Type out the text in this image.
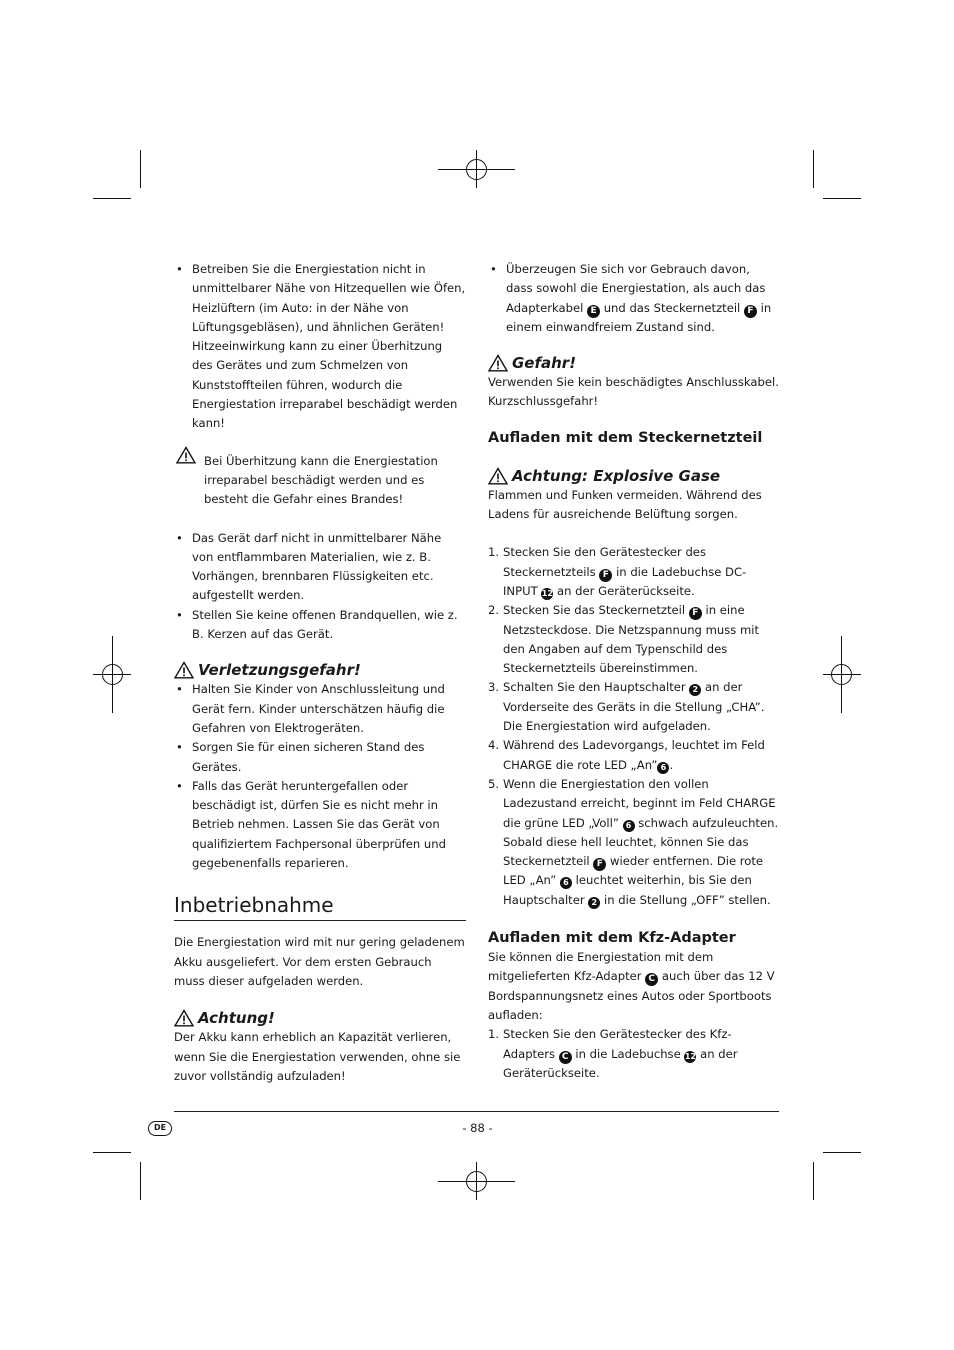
• Betreiben Sie die Energiestation nicht in unmittelbarer Nähe von Hitzequellen wie Öfen, Heizlüftern (im Auto: in der Nähe von Lüftungsgebläsen), und ähnlichen Geräten! Hitzeeinwirkung kann zu einer Überhitzung des Gerätes und zum Schmelzen von Kunststoffteilen führen, wodurch die Energiestation irreparabel beschädigt werden kann!

Bei Überhitzung kann die Energiestation irreparabel beschädigt werden und es besteht die Gefahr eines Brandes!

• Das Gerät darf nicht in unmittelbarer Nähe von entflammbaren Materialien, wie z. B. Vorhängen, brennbaren Flüssigkeiten etc. aufgestellt werden.
• Stellen Sie keine offenen Brandquellen, wie z. B. Kerzen auf das Gerät.
Verletzungsgefahr!
• Halten Sie Kinder von Anschlussleitung und Gerät fern. Kinder unterschätzen häufig die Gefahren von Elektrogeräten.
• Sorgen Sie für einen sicheren Stand des Gerätes.
• Falls das Gerät heruntergefallen oder beschädigt ist, dürfen Sie es nicht mehr in Betrieb nehmen. Lassen Sie das Gerät von qualifiziertem Fachpersonal überprüfen und gegebenenfalls reparieren.
Inbetriebnahme

Die Energiestation wird mit nur gering geladenem Akku ausgeliefert. Vor dem ersten Gebrauch muss dieser aufgeladen werden.

Achtung!

Der Akku kann erheblich an Kapazität verlieren, wenn Sie die Energiestation verwenden, ohne sie zuvor vollständig aufzuladen!

• Überzeugen Sie sich vor Gebrauch davon, dass sowohl die Energiestation, als auch das Adapterkabel E und das Steckernetzteil F in einem einwandfreiem Zustand sind.
Gefahr!

Verwenden Sie kein beschädigtes Anschlusskabel. Kurzschlussgefahr!

Aufladen mit dem Steckernetzteil
Achtung: Explosive Gase

Flammen und Funken vermeiden. Während des Ladens für ausreichende Belüftung sorgen.

1. Stecken Sie den Gerätestecker des Steckernetzteils F in die Ladebuchse DC-INPUT 12 an der Geräterückseite.
2. Stecken Sie das Steckernetzteil F in eine Netzsteckdose. Die Netzspannung muss mit den Angaben auf dem Typenschild des Steckernetzteils übereinstimmen.
3. Schalten Sie den Hauptschalter 2 an der Vorderseite des Geräts in die Stellung „CHA”. Die Energiestation wird aufgeladen.
4. Während des Ladevorgangs, leuchtet im Feld CHARGE die rote LED „An” 6 .
5. Wenn die Energiestation den vollen Ladezustand erreicht, beginnt im Feld CHARGE die grüne LED „Voll” 6 schwach aufzuleuchten. Sobald diese hell leuchtet, können Sie das Steckernetzteil F wieder entfernen. Die rote LED „An” 6 leuchtet weiterhin, bis Sie den Hauptschalter 2 in die Stellung „OFF” stellen.
Aufladen mit dem Kfz-Adapter

Sie können die Energiestation mit dem mitgelieferten Kfz-Adapter C auch über das 12 V Bordspannungsnetz eines Autos oder Sportboots aufladen:

1. Stecken Sie den Gerätestecker des Kfz-Adapters C in die Ladebuchse 12 an der Geräterückseite.
DE	- 88 -
